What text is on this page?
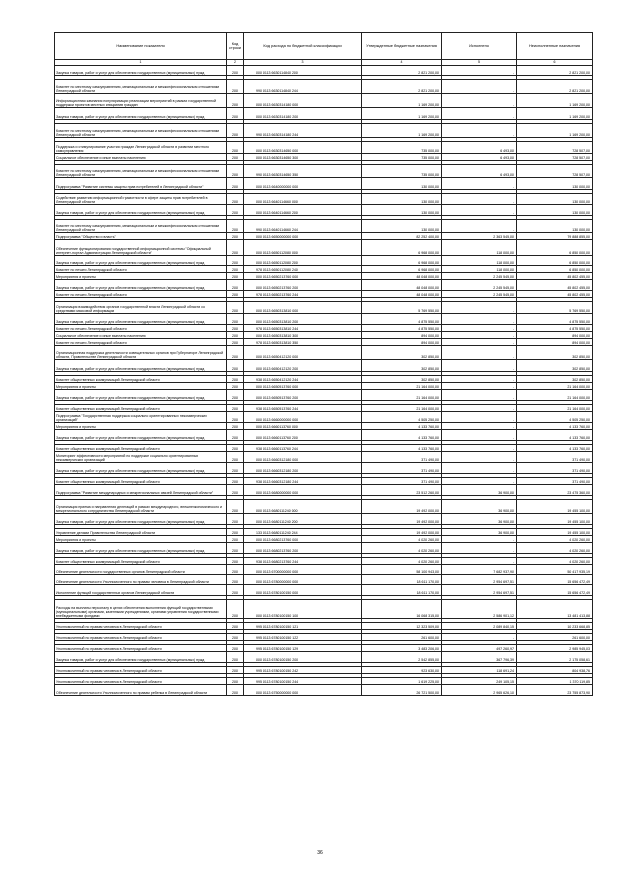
Наименование показателя	Код строки	Код расхода по бюджетной классификации	Утвержденные бюджетные назначения	Исполнено	Неисполненные назначения
1	2	3	4	5	6
Закупка товаров, работ и услуг для обеспечения государственных (муниципальных) нужд	200	000 0113 6630114840 200	2 821 200,00	-	2 821 200,00

Комитет по местному самоуправлению, межнациональным и межконфессиональным отношениям Ленинградской области	200	990 0113 6630114840 244	2 821 200,00	-	2 821 200,00
Информационная кампания популяризации реализации мероприятий в рамках государственной поддержки проектов местных инициатив граждан	200	000 0113 6630314180 000	1 169 200,00	-	1 169 200,00
Закупка товаров, работ и услуг для обеспечения государственных (муниципальных) нужд	200	000 0113 6630314180 200	1 169 200,00	-	1 169 200,00

Комитет по местному самоуправлению, межнациональным и межконфессиональным отношениям Ленинградской области	200	990 0113 6630314180 244	1 169 200,00	-	1 169 200,00

Поддержка и стимулирование участия граждан Ленинградской области в развитии местного самоуправления	200	000 0113 6630314650 000	735 000,00	6 493,00	728 507,00
Социальное обеспечение и иные выплаты населению	200	000 0113 6630314650 300	735 000,00	6 493,00	728 507,00

Комитет по местному самоуправлению, межнациональным и межконфессиональным отношениям Ленинградской области	200	990 0113 6630314650 350	735 000,00	6 493,00	728 507,00
Подпрограмма "Развитие системы защиты прав потребителей в Ленинградской области"	200	000 0113 6640000000 000	130 000,00	-	130 000,00

Содействие развитию информационной грамотности в сфере защиты прав потребителей в Ленинградской области	200	000 0113 6640114660 000	130 000,00	-	130 000,00
Закупка товаров, работ и услуг для обеспечения государственных (муниципальных) нужд	200	000 0113 6640114660 200	130 000,00	-	130 000,00

Комитет по местному самоуправлению, межнациональным и межконфессиональным отношениям Ленинградской области	200	990 0113 6640114660 244	130 000,00	-	130 000,00
Подпрограмма "Общество и власть"	200	000 0113 6650000000 000	82 252 400,00	2 363 545,00	79 888 855,00
Обеспечение функционирования государственной информационной системы "Официальный интернет-портал Администрации Ленинградской области"	200	000 0113 6650112080 000	6 968 000,00	118 000,00	6 850 000,00
Закупка товаров, работ и услуг для обеспечения государственных (муниципальных) нужд	200	000 0113 6650112080 200	6 968 000,00	118 000,00	6 850 000,00
Комитет по печати Ленинградской области	200	978 0113 6650112080 240	6 968 000,00	118 000,00	6 850 000,00
Мероприятия и проекты	200	000 0113 6650213760 000	48 048 000,00	2 245 545,00	45 802 455,00
Закупка товаров, работ и услуг для обеспечения государственных (муниципальных) нужд	200	000 0113 6650213760 200	48 048 000,00	2 245 545,00	45 802 455,00
Комитет по печати Ленинградской области	200	978 0113 6650213760 244	48 048 000,00	2 245 545,00	45 802 455,00

Организация взаимодействия органов государственной власти Ленинградской области со средствами массовой информации	200	000 0113 6650313810 000	5 769 550,00	-	5 769 550,00
Закупка товаров, работ и услуг для обеспечения государственных (муниципальных) нужд	200	000 0113 6650313810 200	4 875 550,00	-	4 875 550,00
Комитет по печати Ленинградской области	200	978 0113 6650313810 244	4 875 550,00	-	4 875 550,00
Социальное обеспечение и иные выплаты населению	200	000 0113 6650313810 300	894 000,00	-	894 000,00
Комитет по печати Ленинградской области	200	978 0113 6650313810 350	894 000,00	-	894 000,00
Организационная поддержка деятельности совещательных органов при Губернаторе Ленинградской области, Правительстве Ленинградской области	200	000 0113 6650412120 000	302 850,00	-	302 850,00
Закупка товаров, работ и услуг для обеспечения государственных (муниципальных) нужд	200	000 0113 6650412120 200	302 850,00	-	302 850,00

Комитет общественных коммуникаций Ленинградской области	200	938 0113 6650412120 244	302 850,00	-	302 850,00
Мероприятия и проекты	200	000 0113 6650513760 000	21 164 000,00	-	21 164 000,00
Закупка товаров, работ и услуг для обеспечения государственных (муниципальных) нужд	200	000 0113 6650513760 200	21 164 000,00	-	21 164 000,00

Комитет общественных коммуникаций Ленинградской области	200	938 0113 6650513760 244	21 164 000,00	-	21 164 000,00
Подпрограмма "Государственная поддержка социально ориентированных некоммерческих организаций"	200	000 0113 6660000000 000	4 505 250,00	-	4 505 250,00
Мероприятия и проекты	200	000 0113 6660113760 000	4 133 760,00	-	4 133 760,00
Закупка товаров, работ и услуг для обеспечения государственных (муниципальных) нужд	200	000 0113 6660113760 200	4 133 760,00	-	4 133 760,00

Комитет общественных коммуникаций Ленинградской области	200	938 0113 6660113760 244	4 133 760,00	-	4 133 760,00
Мониторинг эффективности мероприятий по поддержке социально ориентированных некоммерческих организаций	200	000 0113 6660312180 000	371 490,00	-	371 490,00
Закупка товаров, работ и услуг для обеспечения государственных (муниципальных) нужд	200	000 0113 6660312180 200	371 490,00	-	371 490,00

Комитет общественных коммуникаций Ленинградской области	200	938 0113 6660312180 244	371 490,00	-	371 490,00
Подпрограмма "Развитие международных и межрегиональных связей Ленинградской области"	200	000 0113 6680000000 000	23 512 260,00	36 900,00	23 475 360,00

Организация приема и направления делегаций в рамках международного, внешнеэкономического и межрегионального сотрудничества Ленинградской области	200	000 0113 6680111240 000	19 492 000,00	36 900,00	19 455 100,00
Закупка товаров, работ и услуг для обеспечения государственных (муниципальных) нужд	200	000 0113 6680111240 200	19 492 000,00	36 900,00	19 455 100,00

Управление делами Правительства Ленинградской области	200	133 0113 6680111240 244	19 492 000,00	36 900,00	19 455 100,00
Мероприятия и проекты	200	000 0113 6680213760 000	4 020 260,00	-	4 020 260,00
Закупка товаров, работ и услуг для обеспечения государственных (муниципальных) нужд	200	000 0113 6680213760 200	4 020 260,00	-	4 020 260,00

Комитет общественных коммуникаций Ленинградской области	200	938 0113 6680213760 244	4 020 260,00	-	4 020 260,00
Обеспечение деятельности государственных органов Ленинградской области	200	000 0113 6700000000 000	58 100 943,00	7 682 937,90	50 417 935,19
Обеспечение деятельности Уполномоченного по правам человека в Ленинградской области	200	000 0113 6780000000 000	18 611 170,00	2 954 697,51	15 656 472,49
Исполнение функций государственных органов Ленинградской области	200	000 0113 6780100150 000	18 611 170,00	2 954 697,51	15 656 472,49

Расходы на выплаты персоналу в целях обеспечения выполнения функций государственными (муниципальными) органами, казенными учреждениями, органами управления государственными внебюджетными фондами	200	000 0113 6780100150 100	16 068 315,00	2 586 901,12	13 481 413,88

Уполномоченный по правам человека в Ленинградской области	200	995 0113 6780100150 121	12 323 509,00	2 089 840,15	10 233 668,85

Уполномоченный по правам человека в Ленинградской области	200	995 0113 6780100150 122	261 600,00	-	261 600,00

Уполномоченный по правам человека в Ленинградской области	200	995 0113 6780100150 129	3 483 206,00	497 260,97	2 985 945,03
Закупка товаров, работ и услуг для обеспечения государственных (муниципальных) нужд	200	000 0113 6780100150 200	2 542 855,00	367 796,39	2 175 058,61

Уполномоченный по правам человека в Ленинградской области	200	995 0113 6780100150 242	923 630,00	118 691,24	804 938,76

Уполномоченный по правам человека в Ленинградской области	200	995 0113 6780100150 244	1 619 225,00	249 105,15	1 370 119,85
Обеспечение деятельности Уполномоченного по правам ребенка в Ленинградской области	200	000 0113 6750000000 000	26 721 500,00	2 965 626,10	23 755 873,90
36
